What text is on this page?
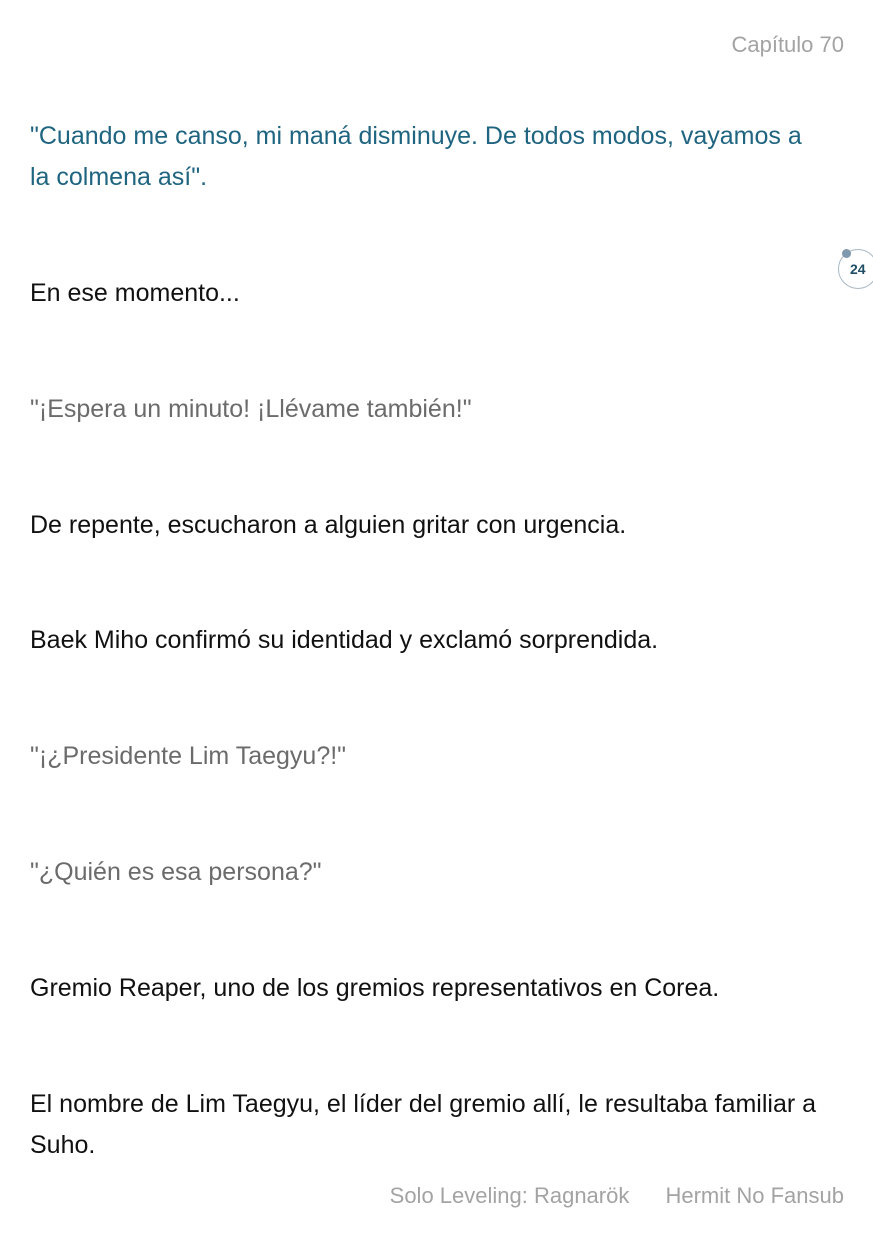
Capítulo 70

"Cuando me canso, mi maná disminuye. De todos modos, vayamos a la colmena así".

24

En ese momento...

"¡Espera un minuto! ¡Llévame también!"

De repente, escucharon a alguien gritar con urgencia.

Baek Miho confirmó su identidad y exclamó sorprendida.

"¡¿Presidente Lim Taegyu?!"

"¿Quién es esa persona?"

Gremio Reaper, uno de los gremios representativos en Corea.

El nombre de Lim Taegyu, el líder del gremio allí, le resultaba familiar a Suho.

Solo Leveling: Ragnarök Hermit No Fansub
